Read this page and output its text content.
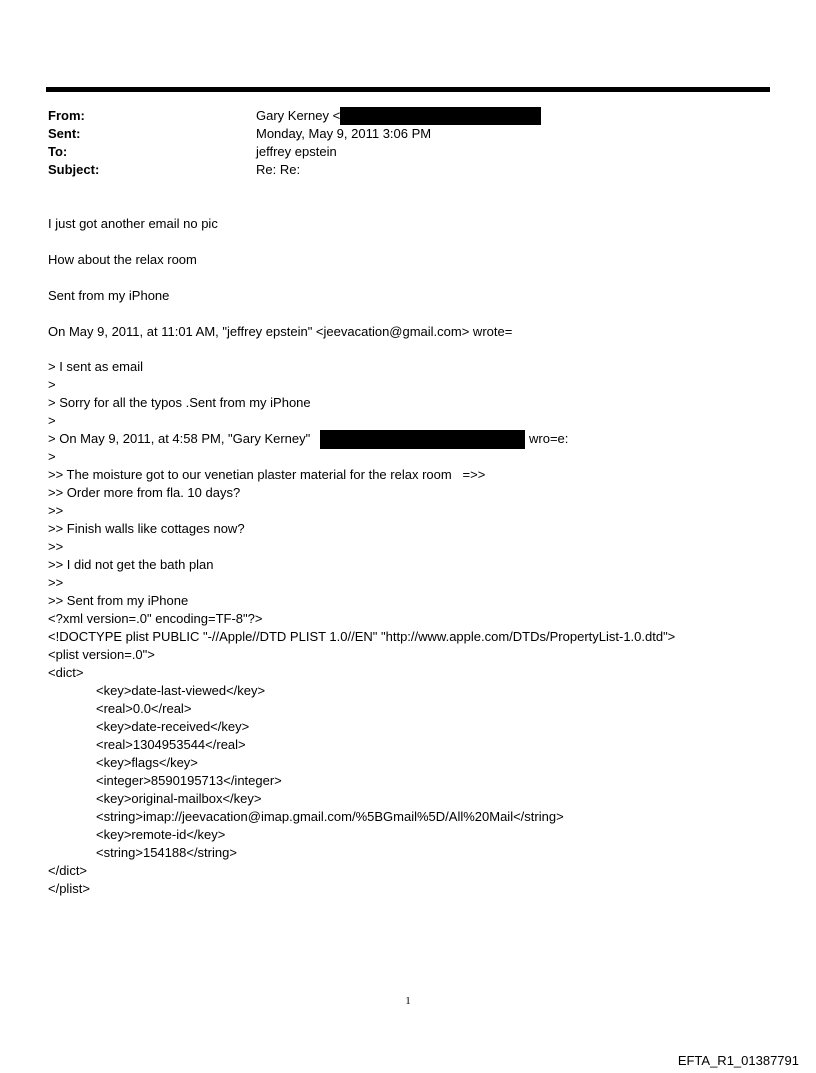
From:	Gary Kerney <
Sent:	Monday, May 9, 2011 3:06 PM
To:	jeffrey epstein
Subject:	Re: Re:
I just got another email no pic
How about the relax room
Sent from my iPhone
On May 9, 2011, at 11:01 AM, "jeffrey epstein" <jeevacation@gmail.com> wrote=
> I sent as email
>
> Sorry for all the typos .Sent from my iPhone
>
> On May 9, 2011, at 4:58 PM, "Gary Kerney"	wro=e:
>
>> The moisture got to our venetian plaster material for the relax room   =>>
>> Order more from fla. 10 days?
>>
>> Finish walls like cottages now?
>>
>> I did not get the bath plan
>>
>> Sent from my iPhone
<?xml version=.0" encoding=TF-8"?>
<!DOCTYPE plist PUBLIC "-//Apple//DTD PLIST 1.0//EN" "http://www.apple.com/DTDs/PropertyList-1.0.dtd">
<plist version=.0">
<dict>
<key>date-last-viewed</key>
<real>0.0</real>
<key>date-received</key>
<real>1304953544</real>
<key>flags</key>
<integer>8590195713</integer>
<key>original-mailbox</key>
<string>imap://jeevacation@imap.gmail.com/%5BGmail%5D/All%20Mail</string>
<key>remote-id</key>
<string>154188</string>
</dict>
</plist>
1
EFTA_R1_01387791
